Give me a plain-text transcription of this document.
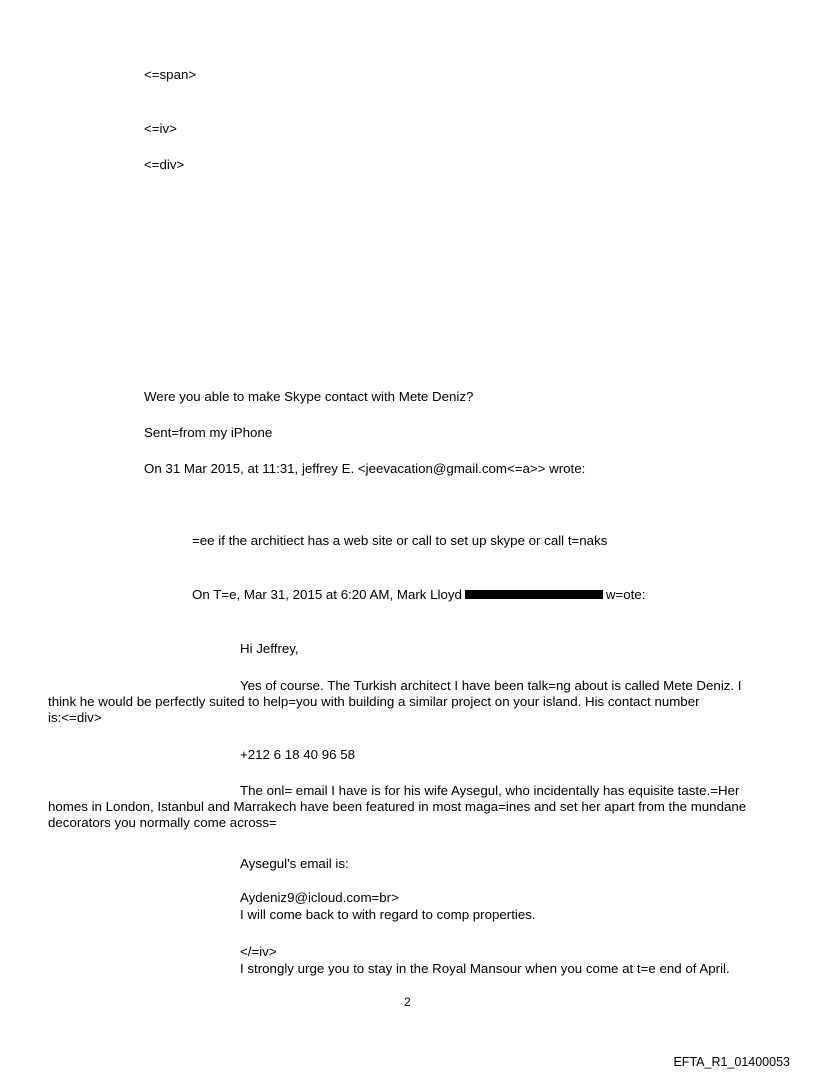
<=span>
<=iv>
<=div>
Were you able to make Skype contact with Mete Deniz?
Sent=from my iPhone
On 31 Mar 2015, at 11:31, jeffrey E. <jeevacation@gmail.com<=a>> wrote:
=ee if the architiect has a web site or call to set up skype or call t=naks
On T=e, Mar 31, 2015 at 6:20 AM, Mark Lloyd	w=ote:
Hi Jeffrey,
Yes of course. The Turkish architect I have been talk=ng about is called Mete Deniz. I
think he would be perfectly suited to help=you with building a similar project on your island. His contact number
is:<=div>
+212 6 18 40 96 58
The onl= email I have is for his wife Aysegul, who incidentally has equisite taste.=Her
homes in London, Istanbul and Marrakech have been featured in most maga=ines and set her apart from the mundane
decorators you normally come across=
Aysegul's email is:
Aydeniz9@icloud.com=br>
I will come back to with regard to comp properties.
</=iv>
I strongly urge you to stay in the Royal Mansour when you come at t=e end of April.
2
EFTA_R1_01400053
